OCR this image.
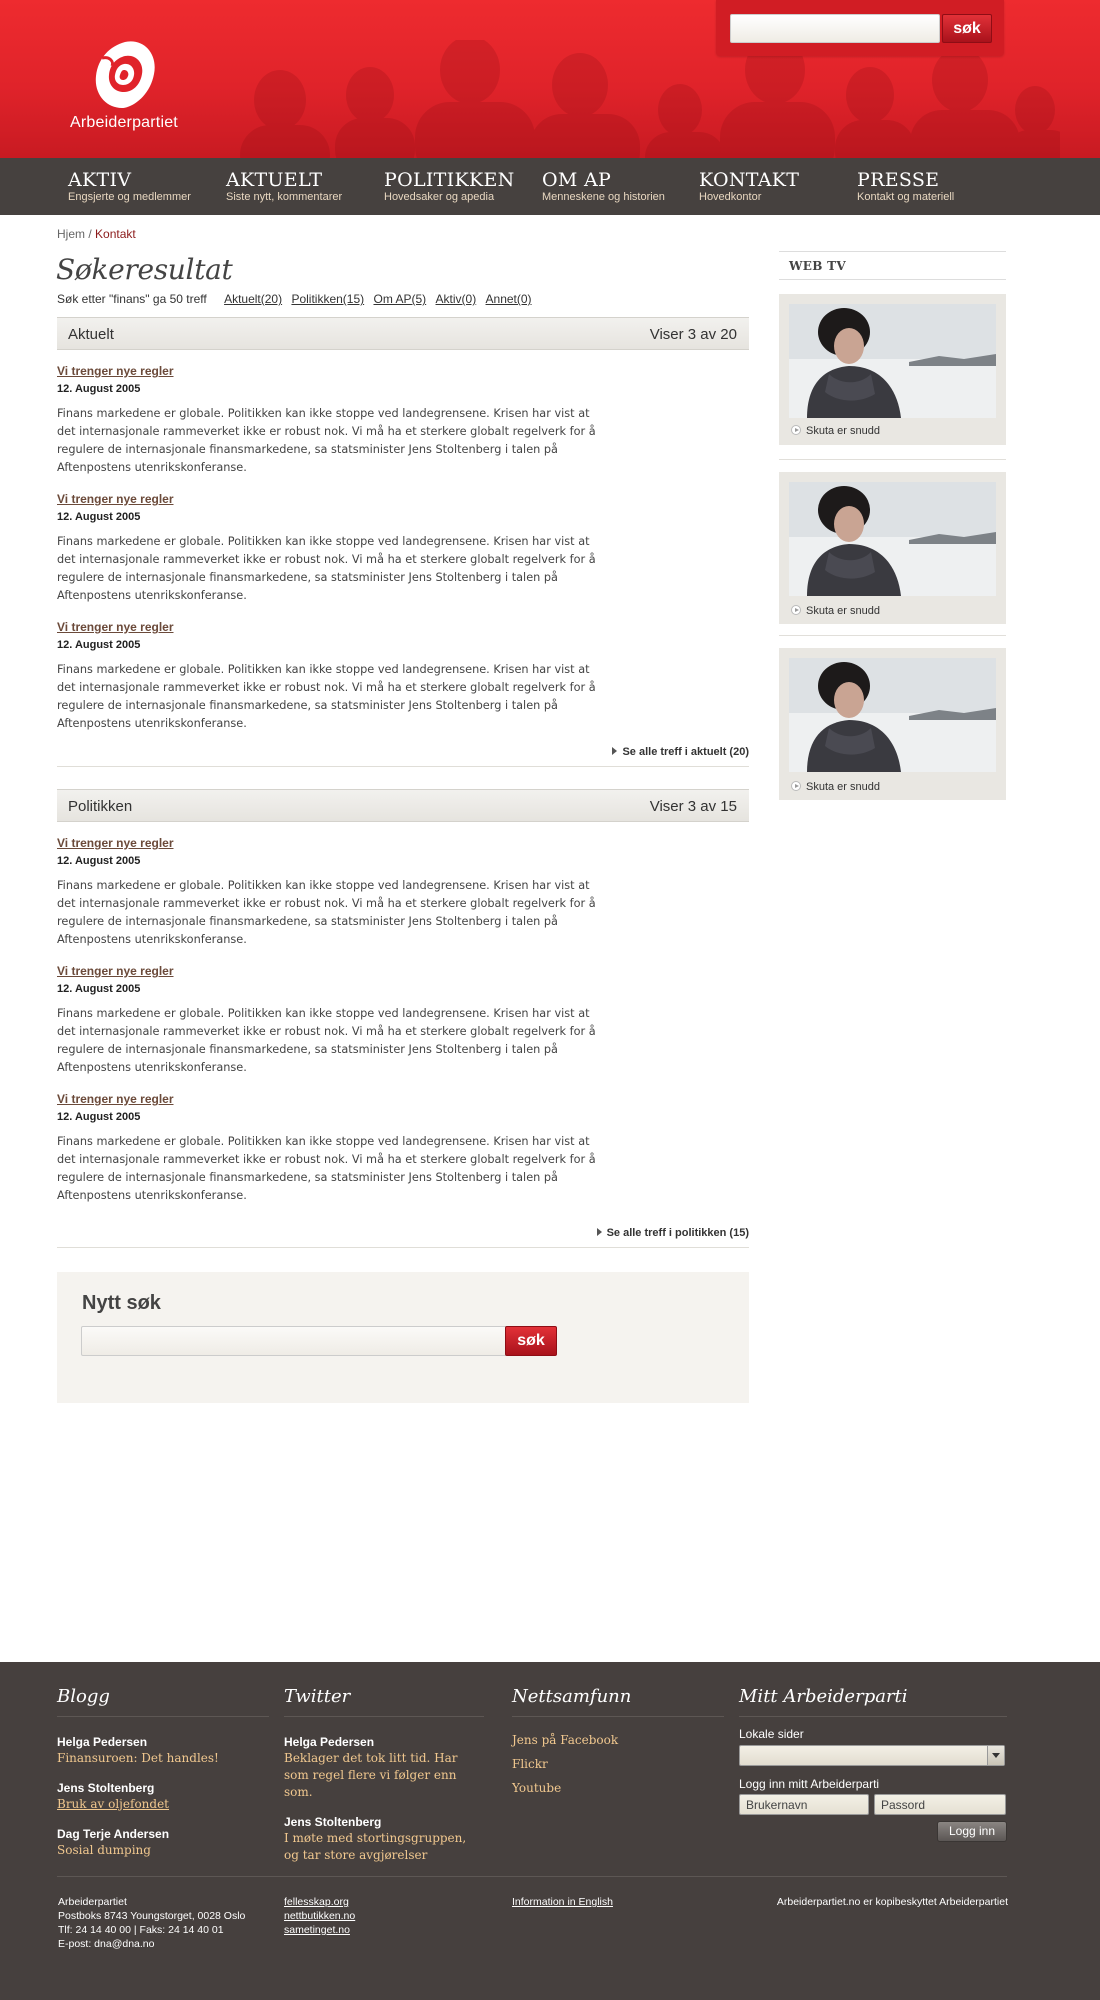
Arbeiderpartiet
søk
AKTIV
Engsjerte og medlemmer
AKTUELT
Siste nytt, kommentarer
POLITIKKEN
Hovedsaker og apedia
OM AP
Menneskene og historien
KONTAKT
Hovedkontor
PRESSE
Kontakt og materiell
Hjem / Kontakt
Søkeresultat
Søk etter "finans" ga 50 treff Aktuelt(20) Politikken(15) Om AP(5) Aktiv(0) Annet(0)
Aktuelt	Viser 3 av 20
Vi trenger nye regler
12. August 2005
Finans markedene er globale. Politikken kan ikke stoppe ved landegrensene. Krisen har vist at det internasjonale rammeverket ikke er robust nok. Vi må ha et sterkere globalt regelverk for å regulere de internasjonale finansmarkedene, sa statsminister Jens Stoltenberg i talen på Aftenpostens utenrikskonferanse.
Vi trenger nye regler
12. August 2005
Finans markedene er globale. Politikken kan ikke stoppe ved landegrensene. Krisen har vist at det internasjonale rammeverket ikke er robust nok. Vi må ha et sterkere globalt regelverk for å regulere de internasjonale finansmarkedene, sa statsminister Jens Stoltenberg i talen på Aftenpostens utenrikskonferanse.
Vi trenger nye regler
12. August 2005
Finans markedene er globale. Politikken kan ikke stoppe ved landegrensene. Krisen har vist at det internasjonale rammeverket ikke er robust nok. Vi må ha et sterkere globalt regelverk for å regulere de internasjonale finansmarkedene, sa statsminister Jens Stoltenberg i talen på Aftenpostens utenrikskonferanse.
Se alle treff i aktuelt (20)
Politikken	Viser 3 av 15
Vi trenger nye regler
12. August 2005
Finans markedene er globale. Politikken kan ikke stoppe ved landegrensene. Krisen har vist at det internasjonale rammeverket ikke er robust nok. Vi må ha et sterkere globalt regelverk for å regulere de internasjonale finansmarkedene, sa statsminister Jens Stoltenberg i talen på Aftenpostens utenrikskonferanse.
Vi trenger nye regler
12. August 2005
Finans markedene er globale. Politikken kan ikke stoppe ved landegrensene. Krisen har vist at det internasjonale rammeverket ikke er robust nok. Vi må ha et sterkere globalt regelverk for å regulere de internasjonale finansmarkedene, sa statsminister Jens Stoltenberg i talen på Aftenpostens utenrikskonferanse.
Vi trenger nye regler
12. August 2005
Finans markedene er globale. Politikken kan ikke stoppe ved landegrensene. Krisen har vist at det internasjonale rammeverket ikke er robust nok. Vi må ha et sterkere globalt regelverk for å regulere de internasjonale finansmarkedene, sa statsminister Jens Stoltenberg i talen på Aftenpostens utenrikskonferanse.
Se alle treff i politikken (15)
Nytt søk
søk
WEB TV
Skuta er snudd
Skuta er snudd
Skuta er snudd
Blogg
Helga Pedersen
Finansuroen: Det handles!
Jens Stoltenberg
Bruk av oljefondet
Dag Terje Andersen
Sosial dumping
Twitter
Helga Pedersen
Beklager det tok litt tid. Har som regel flere vi følger enn som.
Jens Stoltenberg
I møte med stortingsgruppen, og tar store avgjørelser
Nettsamfunn
Jens på Facebook
Flickr
Youtube
Mitt Arbeiderparti
Lokale sider
Logg inn mitt Arbeiderparti
Brukernavn	Passord
Logg inn
Arbeiderpartiet
Postboks 8743 Youngstorget, 0028 Oslo
Tlf: 24 14 40 00 | Faks: 24 14 40 01
E-post: dna@dna.no
fellesskap.org
nettbutikken.no
sametinget.no
Information in English	Arbeiderpartiet.no er kopibeskyttet Arbeiderpartiet
